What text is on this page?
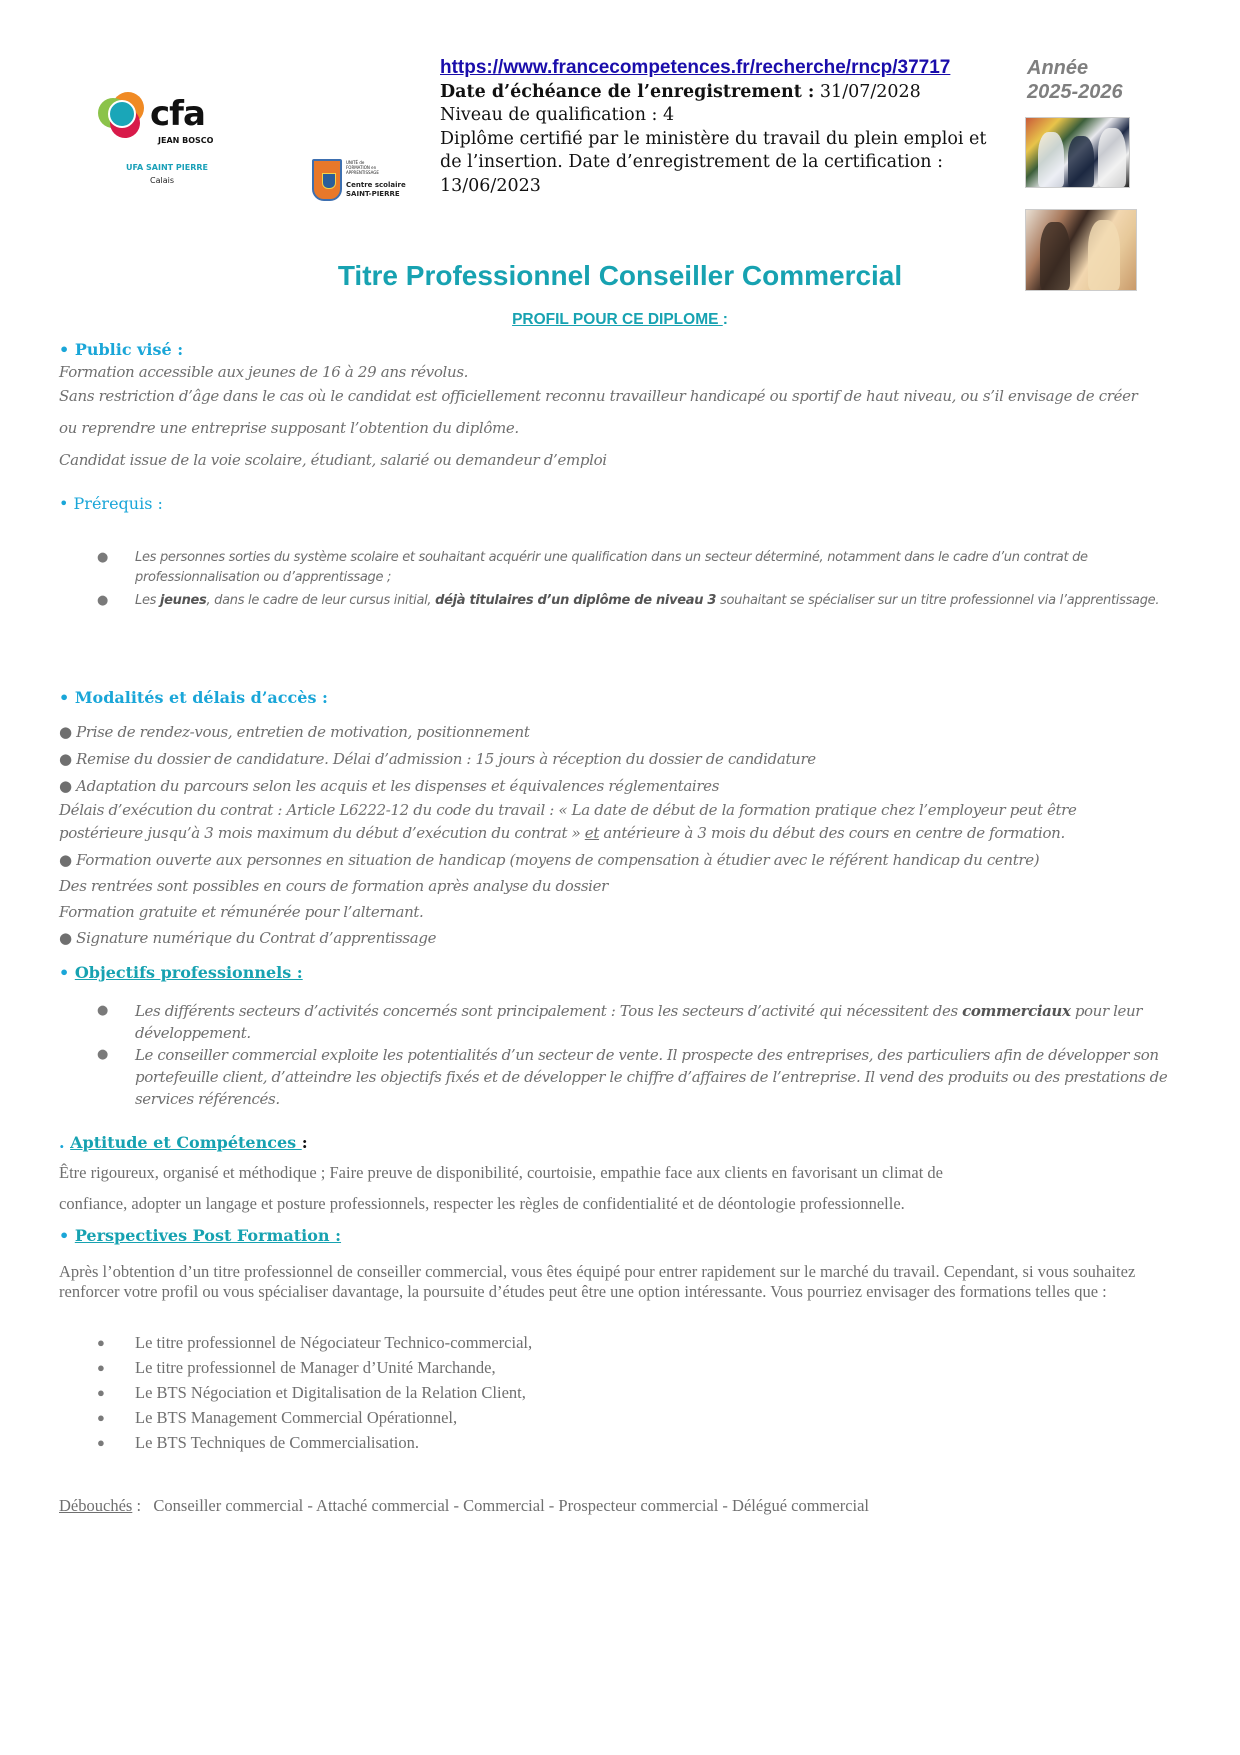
cfa
JEAN BOSCO
UFA SAINT PIERRE
Calais
UNITÉ de FORMATION en APPRENTISSAGE
Centre scolaire
SAINT-PIERRE
https://www.francecompetences.fr/recherche/rncp/37717
Date d’échéance de l’enregistrement : 31/07/2028
Niveau de qualification : 4
Diplôme certifié par le ministère du travail du plein emploi et de l’insertion. Date d’enregistrement de la certification : 13/06/2023
Année
2025-2026
Titre Professionnel Conseiller Commercial
PROFIL POUR CE DIPLOME :
• Public visé :
Formation accessible aux jeunes de 16 à 29 ans révolus.
Sans restriction d’âge dans le cas où le candidat est officiellement reconnu travailleur handicapé ou sportif de haut niveau, ou s’il envisage de créer
ou reprendre une entreprise supposant l’obtention du diplôme.
Candidat issue de la voie scolaire, étudiant, salarié ou demandeur d’emploi
• Prérequis :
● Les personnes sorties du système scolaire et souhaitant acquérir une qualification dans un secteur déterminé, notamment dans le cadre d’un contrat de professionnalisation ou d’apprentissage ;
● Les jeunes, dans le cadre de leur cursus initial, déjà titulaires d’un diplôme de niveau 3 souhaitant se spécialiser sur un titre professionnel via l’apprentissage.
• Modalités et délais d’accès :
● Prise de rendez-vous, entretien de motivation, positionnement
● Remise du dossier de candidature. Délai d’admission : 15 jours à réception du dossier de candidature
● Adaptation du parcours selon les acquis et les dispenses et équivalences réglementaires
Délais d’exécution du contrat : Article L6222-12 du code du travail : « La date de début de la formation pratique chez l’employeur peut être
postérieure jusqu’à 3 mois maximum du début d’exécution du contrat » et antérieure à 3 mois du début des cours en centre de formation.
● Formation ouverte aux personnes en situation de handicap (moyens de compensation à étudier avec le référent handicap du centre)
Des rentrées sont possibles en cours de formation après analyse du dossier
Formation gratuite et rémunérée pour l’alternant.
● Signature numérique du Contrat d’apprentissage
• Objectifs professionnels :
● Les différents secteurs d’activités concernés sont principalement : Tous les secteurs d’activité qui nécessitent des commerciaux pour leur développement.
● Le conseiller commercial exploite les potentialités d’un secteur de vente. Il prospecte des entreprises, des particuliers afin de développer son portefeuille client, d’atteindre les objectifs fixés et de développer le chiffre d’affaires de l’entreprise. Il vend des produits ou des prestations de services référencés.
. Aptitude et Compétences :
Être rigoureux, organisé et méthodique ; Faire preuve de disponibilité, courtoisie, empathie face aux clients en favorisant un climat de
confiance, adopter un langage et posture professionnels, respecter les règles de confidentialité et de déontologie professionnelle.
• Perspectives Post Formation :
Après l’obtention d’un titre professionnel de conseiller commercial, vous êtes équipé pour entrer rapidement sur le marché du travail. Cependant, si vous souhaitez renforcer votre profil ou vous spécialiser davantage, la poursuite d’études peut être une option intéressante. Vous pourriez envisager des formations telles que :
● Le titre professionnel de Négociateur Technico-commercial,
● Le titre professionnel de Manager d’Unité Marchande,
● Le BTS Négociation et Digitalisation de la Relation Client,
● Le BTS Management Commercial Opérationnel,
● Le BTS Techniques de Commercialisation.
Débouchés :   Conseiller commercial - Attaché commercial - Commercial - Prospecteur commercial - Délégué commercial
